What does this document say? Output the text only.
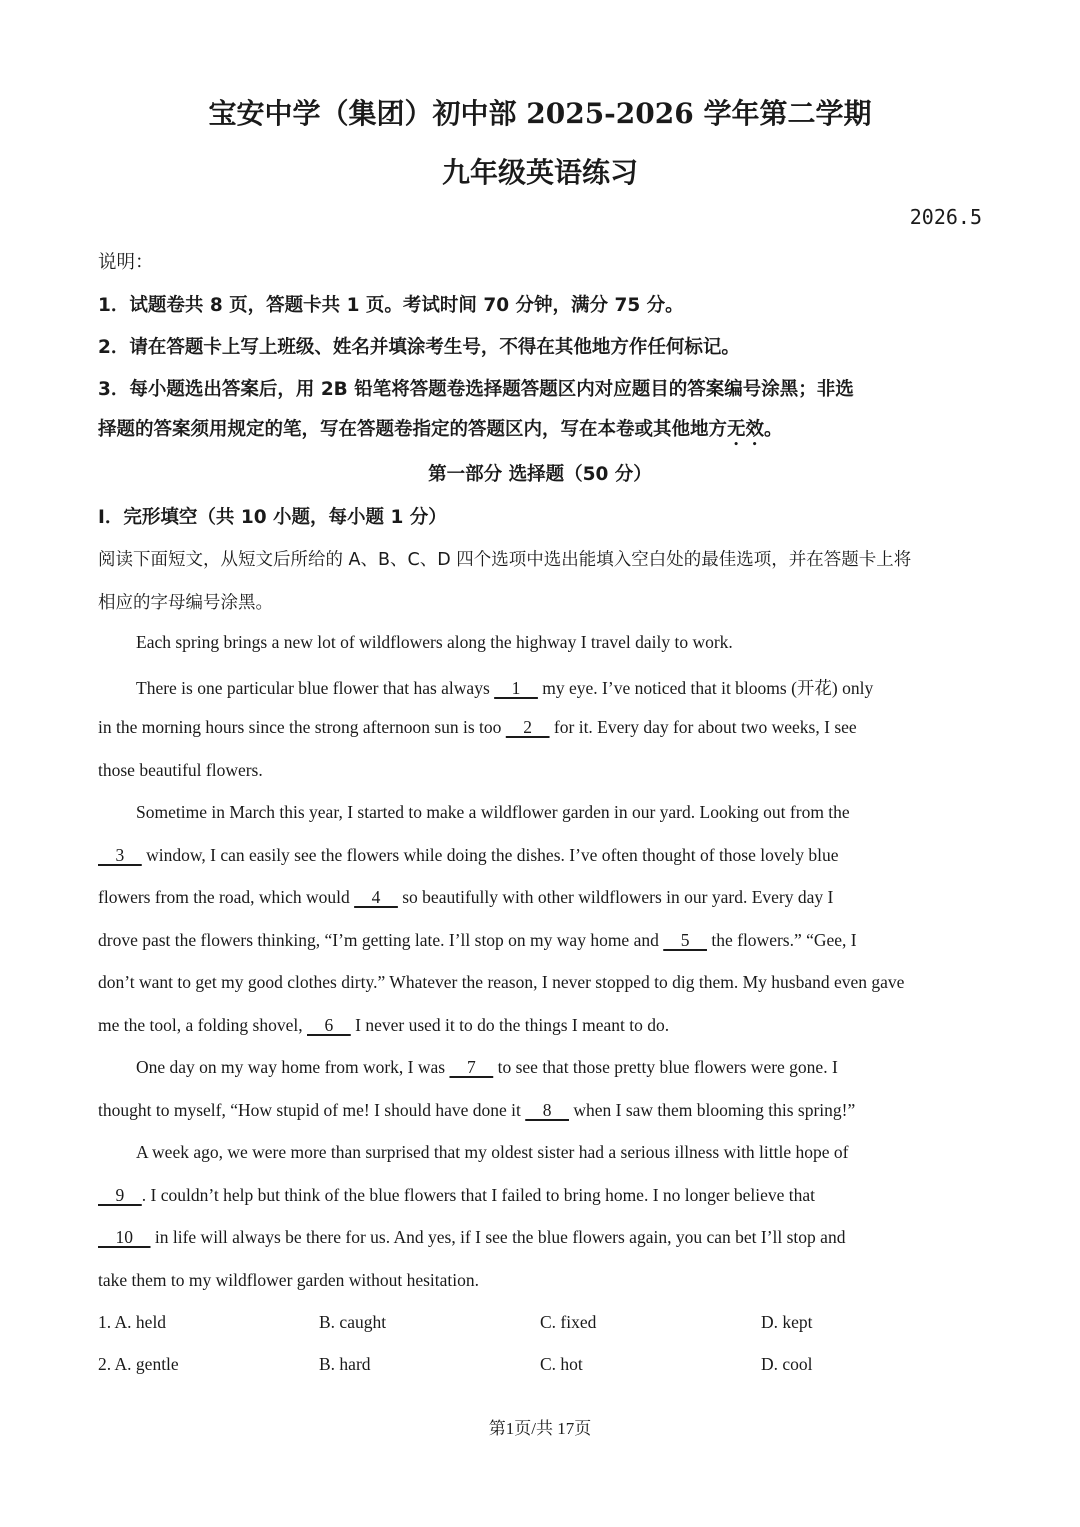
宝安中学（集团）初中部 2025-2026 学年第二学期
九年级英语练习
2026.5
说明：
1．试题卷共 8 页，答题卡共 1 页。考试时间 70 分钟，满分 75 分。
2．请在答题卡上写上班级、姓名并填涂考生号，不得在其他地方作任何标记。
3．每小题选出答案后，用 2B 铅笔将答题卷选择题答题区内对应题目的答案编号涂黑；非选
择题的答案须用规定的笔，写在答题卷指定的答题区内，写在本卷或其他地方无效。
第一部分 选择题（50 分）
I．完形填空（共 10 小题，每小题 1 分）
阅读下面短文，从短文后所给的 A、B、C、D 四个选项中选出能填入空白处的最佳选项，并在答题卡上将
相应的字母编号涂黑。
Each spring brings a new lot of wildflowers along the highway I travel daily to work.
There is one particular blue flower that has always     1     my eye. I’ve noticed that it blooms (开花) only
in the morning hours since the strong afternoon sun is too     2     for it. Every day for about two weeks, I see
those beautiful flowers.
Sometime in March this year, I started to make a wildflower garden in our yard. Looking out from the
3     window, I can easily see the flowers while doing the dishes. I’ve often thought of those lovely blue
flowers from the road, which would     4     so beautifully with other wildflowers in our yard. Every day I
drove past the flowers thinking, “I’m getting late. I’ll stop on my way home and     5     the flowers.” “Gee, I
don’t want to get my good clothes dirty.” Whatever the reason, I never stopped to dig them. My husband even gave
me the tool, a folding shovel,     6     I never used it to do the things I meant to do.
One day on my way home from work, I was     7     to see that those pretty blue flowers were gone. I
thought to myself, “How stupid of me! I should have done it     8     when I saw them blooming this spring!”
A week ago, we were more than surprised that my oldest sister had a serious illness with little hope of
9    . I couldn’t help but think of the blue flowers that I failed to bring home. I no longer believe that
10     in life will always be there for us. And yes, if I see the blue flowers again, you can bet I’ll stop and
take them to my wildflower garden without hesitation.
1. A. held	B. caught	C. fixed	D. kept
2. A. gentle	B. hard	C. hot	D. cool
第1页/共 17页
